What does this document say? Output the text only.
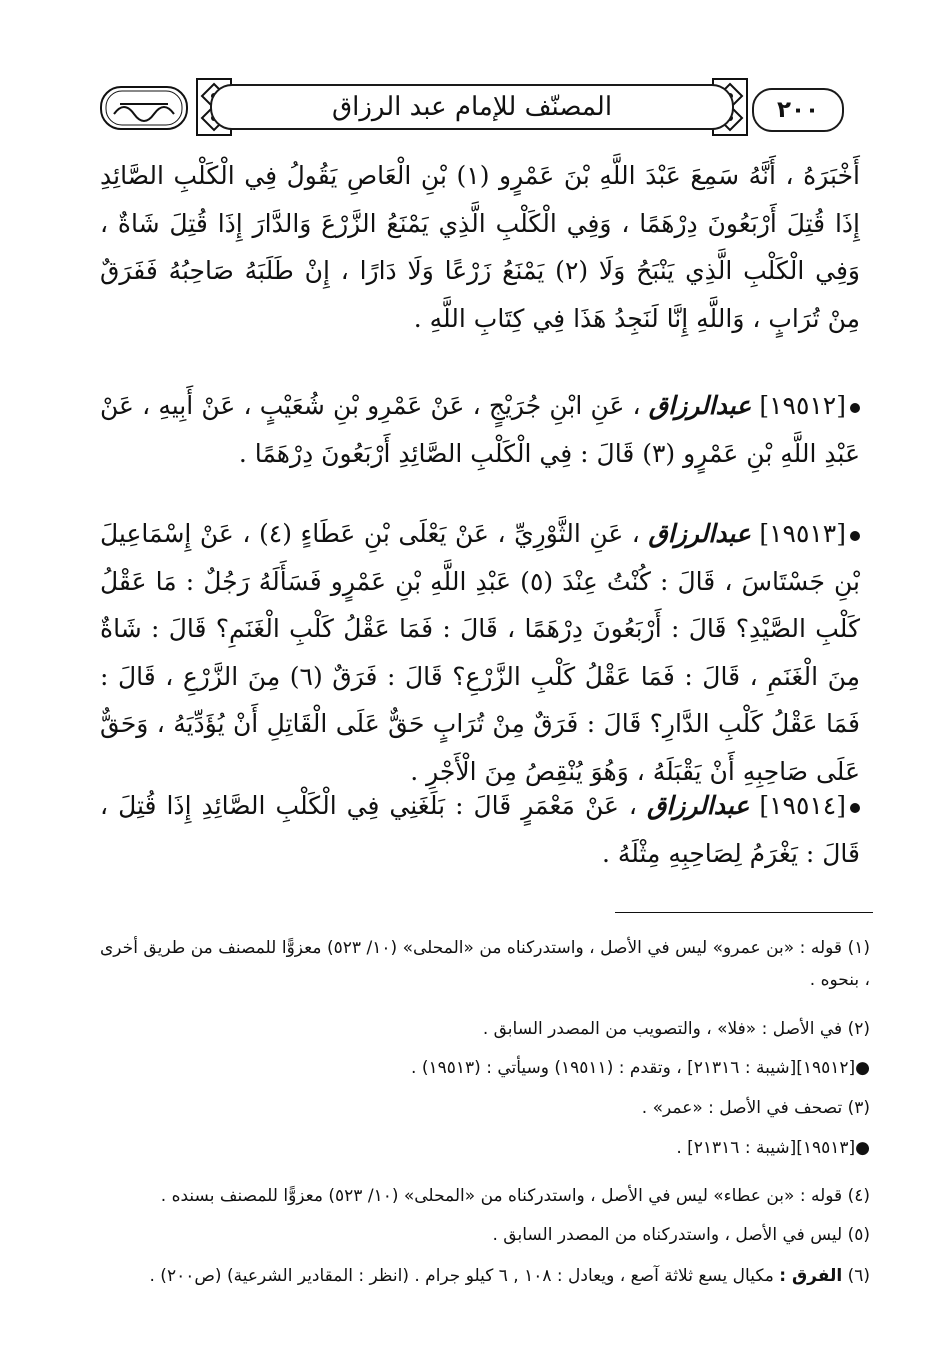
المصنّف للإمام عبد الرزاق	٢٠٠

أَخْبَرَهُ ، أَنَّهُ سَمِعَ عَبْدَ اللَّهِ بْنَ عَمْرٍو (١) بْنِ الْعَاصِ يَقُولُ فِي الْكَلْبِ الصَّائِدِ إِذَا قُتِلَ أَرْبَعُونَ دِرْهَمًا ، وَفِي الْكَلْبِ الَّذِي يَمْنَعُ الزَّرْعَ وَالدَّارَ إِذَا قُتِلَ شَاةٌ ، وَفِي الْكَلْبِ الَّذِي يَنْبَحُ وَلَا (٢) يَمْنَعُ زَرْعًا وَلَا دَارًا ، إِنْ طَلَبَهُ صَاحِبُهُ فَفَرَقٌ مِنْ تُرَابٍ ، وَاللَّهِ إِنَّا لَنَجِدُ هَذَا فِي كِتَابِ اللَّهِ .

[١٩٥١٢] عبدالرزاق ، عَنِ ابْنِ جُرَيْجٍ ، عَنْ عَمْرِو بْنِ شُعَيْبٍ ، عَنْ أَبِيهِ ، عَنْ عَبْدِ اللَّهِ بْنِ عَمْرٍو (٣) قَالَ : فِي الْكَلْبِ الصَّائِدِ أَرْبَعُونَ دِرْهَمًا .

[١٩٥١٣] عبدالرزاق ، عَنِ الثَّوْرِيِّ ، عَنْ يَعْلَى بْنِ عَطَاءٍ (٤) ، عَنْ إِسْمَاعِيلَ بْنِ جَسْتَاسَ ، قَالَ : كُنْتُ عِنْدَ (٥) عَبْدِ اللَّهِ بْنِ عَمْرٍو فَسَأَلَهُ رَجُلٌ : مَا عَقْلُ كَلْبِ الصَّيْدِ؟ قَالَ : أَرْبَعُونَ دِرْهَمًا ، قَالَ : فَمَا عَقْلُ كَلْبِ الْغَنَمِ؟ قَالَ : شَاةٌ مِنَ الْغَنَمِ ، قَالَ : فَمَا عَقْلُ كَلْبِ الزَّرْعِ؟ قَالَ : فَرَقٌ (٦) مِنَ الزَّرْعِ ، قَالَ : فَمَا عَقْلُ كَلْبِ الدَّارِ؟ قَالَ : فَرَقٌ مِنْ تُرَابٍ حَقٌّ عَلَى الْقَاتِلِ أَنْ يُؤَدِّيَهُ ، وَحَقٌّ عَلَى صَاحِبِهِ أَنْ يَقْبَلَهُ ، وَهُوَ يُنْقِصُ مِنَ الْأَجْرِ .

[١٩٥١٤] عبدالرزاق ، عَنْ مَعْمَرٍ قَالَ : بَلَغَنِي فِي الْكَلْبِ الصَّائِدِ إِذَا قُتِلَ ، قَالَ : يَغْرَمُ لِصَاحِبِهِ مِثْلَهُ .

(١) قوله : «بن عمرو» ليس في الأصل ، واستدركناه من «المحلى» (١٠/ ٥٢٣) معزوًّا للمصنف من طريق أخرى ، بنحوه .

(٢) في الأصل : «فلا» ، والتصويب من المصدر السابق .

●[١٩٥١٢][شيبة : ٢١٣١٦] ، وتقدم : (١٩٥١١) وسيأتي : (١٩٥١٣) .

(٣) تصحف في الأصل : «عمر» .

●[١٩٥١٣][شيبة : ٢١٣١٦] .

(٤) قوله : «بن عطاء» ليس في الأصل ، واستدركناه من «المحلى» (١٠/ ٥٢٣) معزوًّا للمصنف بسنده .

(٥) ليس في الأصل ، واستدركناه من المصدر السابق .

(٦) الفرق : مكيال يسع ثلاثة آصع ، ويعادل : ١٠٨ , ٦ كيلو جرام . (انظر : المقادير الشرعية) (ص٢٠٠) .
